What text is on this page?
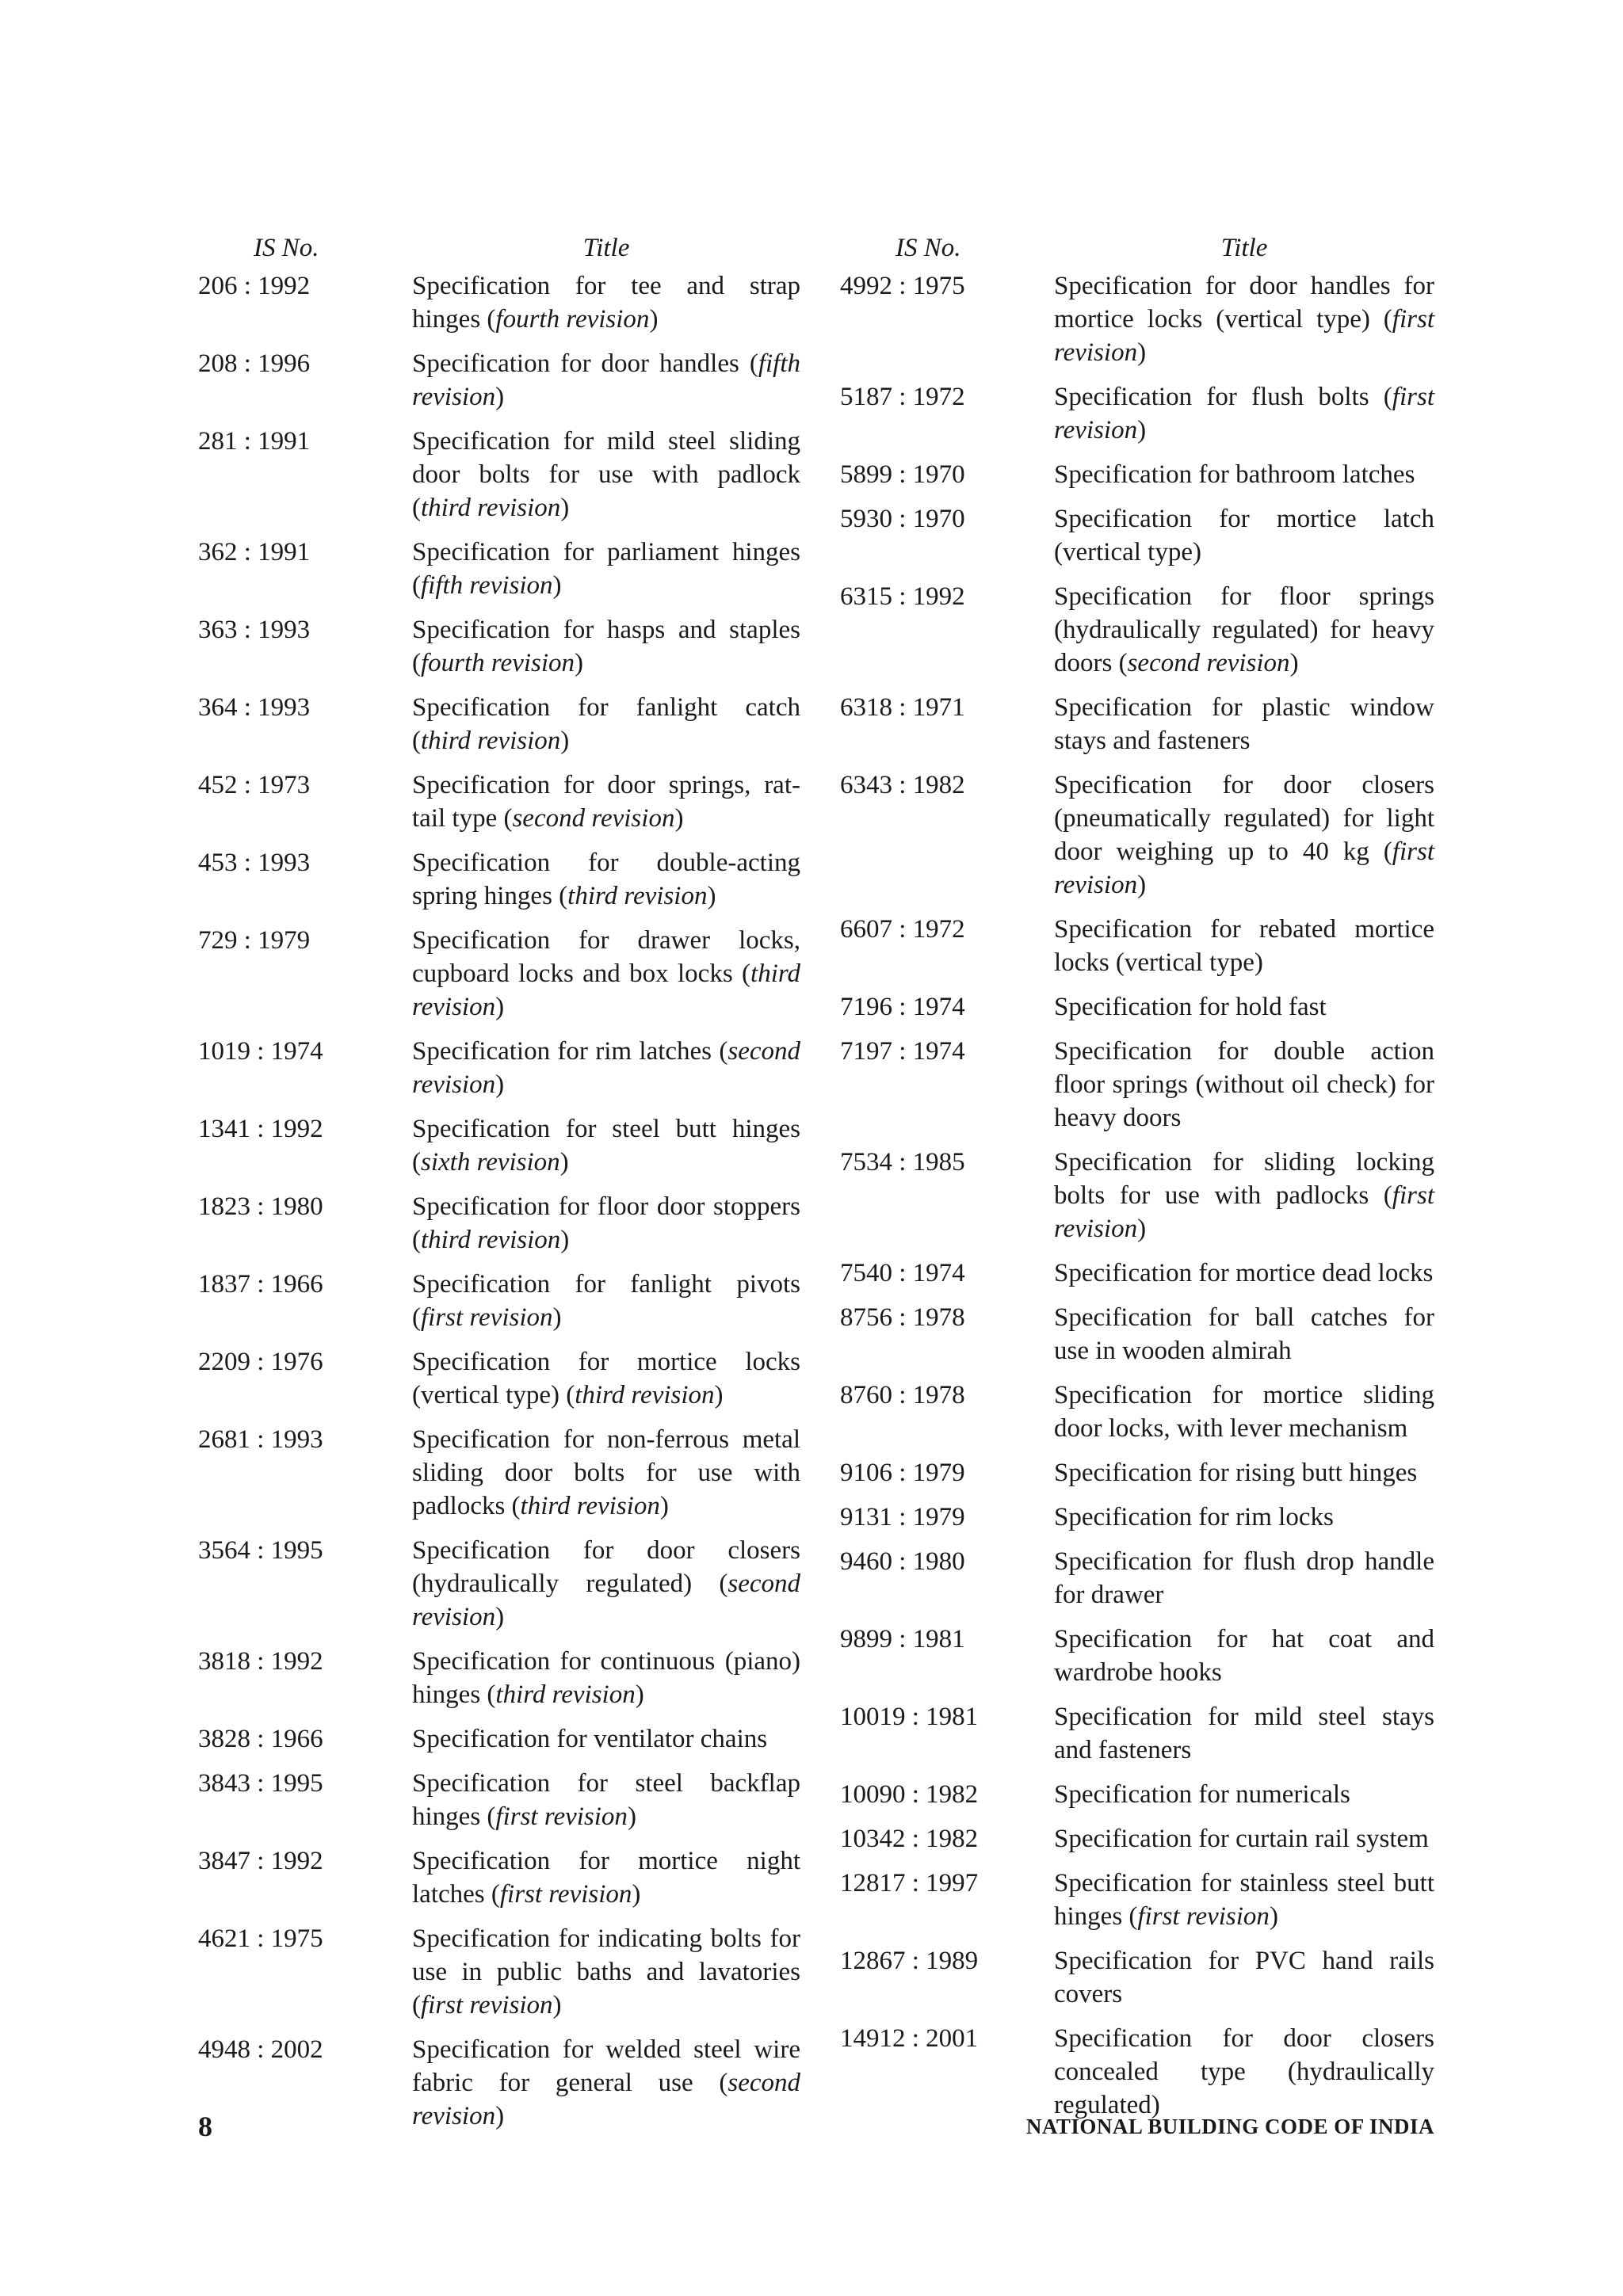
IS No.	Title
206 : 1992	Specification for tee and strap hinges (fourth revision)
208 : 1996	Specification for door handles (fifth revision)
281 : 1991	Specification for mild steel sliding door bolts for use with padlock (third revision)
362 : 1991	Specification for parliament hinges (fifth revision)
363 : 1993	Specification for hasps and staples (fourth revision)
364 : 1993	Specification for fanlight catch (third revision)
452 : 1973	Specification for door springs, rat-tail type (second revision)
453 : 1993	Specification for double-acting spring hinges (third revision)
729 : 1979	Specification for drawer locks, cupboard locks and box locks (third revision)
1019 : 1974	Specification for rim latches (second revision)
1341 : 1992	Specification for steel butt hinges (sixth revision)
1823 : 1980	Specification for floor door stoppers (third revision)
1837 : 1966	Specification for fanlight pivots (first revision)
2209 : 1976	Specification for mortice locks (vertical type) (third revision)
2681 : 1993	Specification for non-ferrous metal sliding door bolts for use with padlocks (third revision)
3564 : 1995	Specification for door closers (hydraulically regulated) (second revision)
3818 : 1992	Specification for continuous (piano) hinges (third revision)
3828 : 1966	Specification for ventilator chains
3843 : 1995	Specification for steel backflap hinges (first revision)
3847 : 1992	Specification for mortice night latches (first revision)
4621 : 1975	Specification for indicating bolts for use in public baths and lavatories (first revision)
4948 : 2002	Specification for welded steel wire fabric for general use (second revision)
IS No.	Title
4992 : 1975	Specification for door handles for mortice locks (vertical type) (first revision)
5187 : 1972	Specification for flush bolts (first revision)
5899 : 1970	Specification for bathroom latches
5930 : 1970	Specification for mortice latch (vertical type)
6315 : 1992	Specification for floor springs (hydraulically regulated) for heavy doors (second revision)
6318 : 1971	Specification for plastic window stays and fasteners
6343 : 1982	Specification for door closers (pneumatically regulated) for light door weighing up to 40 kg (first revision)
6607 : 1972	Specification for rebated mortice locks (vertical type)
7196 : 1974	Specification for hold fast
7197 : 1974	Specification for double action floor springs (without oil check) for heavy doors
7534 : 1985	Specification for sliding locking bolts for use with padlocks (first revision)
7540 : 1974	Specification for mortice dead locks
8756 : 1978	Specification for ball catches for use in wooden almirah
8760 : 1978	Specification for mortice sliding door locks, with lever mechanism
9106 : 1979	Specification for rising butt hinges
9131 : 1979	Specification for rim locks
9460 : 1980	Specification for flush drop handle for drawer
9899 : 1981	Specification for hat coat and wardrobe hooks
10019 : 1981	Specification for mild steel stays and fasteners
10090 : 1982	Specification for numericals
10342 : 1982	Specification for curtain rail system
12817 : 1997	Specification for stainless steel butt hinges (first revision)
12867 : 1989	Specification for PVC hand rails covers
14912 : 2001	Specification for door closers concealed type (hydraulically regulated)
8	NATIONAL BUILDING CODE OF INDIA
